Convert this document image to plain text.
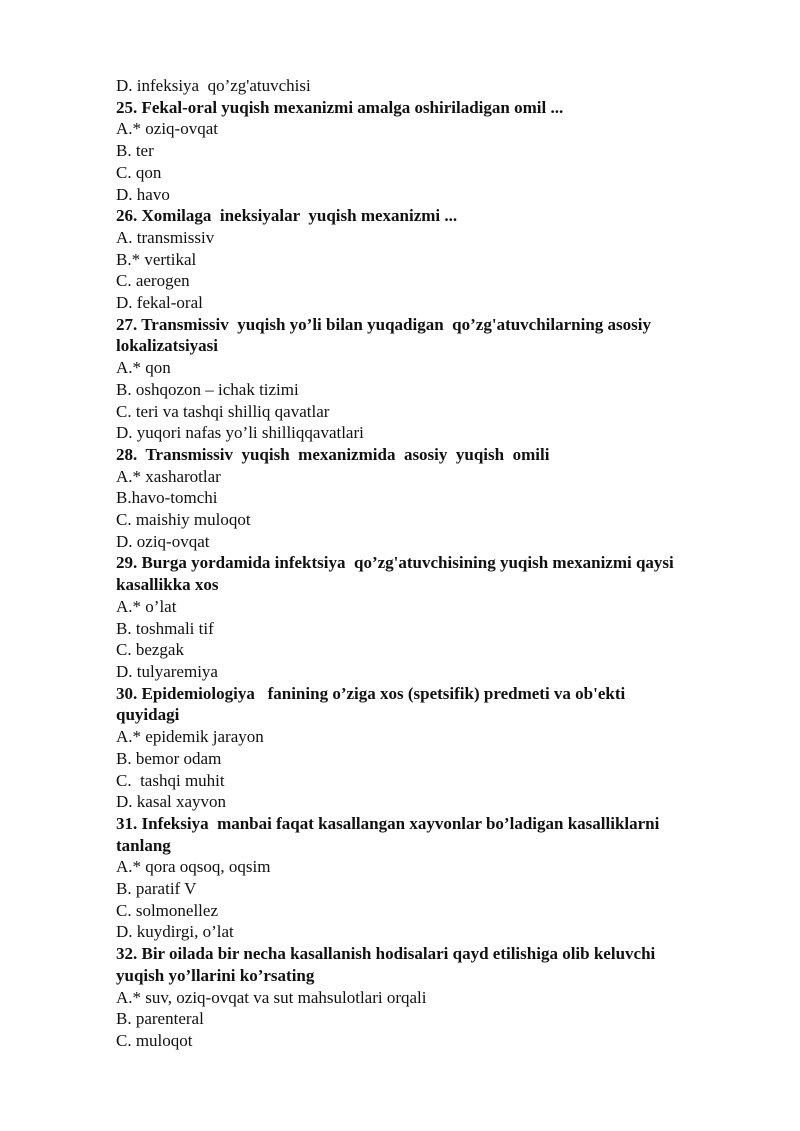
D. infeksiya  qo’zg'atuvchisi

25. Fekal-oral yuqish mexanizmi amalga oshiriladigan omil ...

A.* oziq-ovqat

B. ter

C. qon

D. havo

26. Xomilaga  ineksiyalar  yuqish mexanizmi ...

A. transmissiv

B.* vertikal

C. aerogen

D. fekal-oral

27. Transmissiv  yuqish yo’li bilan yuqadigan  qo’zg'atuvchilarning asosiy

lokalizatsiyasi

A.* qon

B. oshqozon – ichak tizimi

C. teri va tashqi shilliq qavatlar

D. yuqori nafas yo’li shilliqqavatlari

28.  Transmissiv  yuqish  mexanizmida  asosiy  yuqish  omili

A.* xasharotlar

B.havo-tomchi

C. maishiy muloqot

D. oziq-ovqat

29. Burga yordamida infektsiya  qo’zg'atuvchisining yuqish mexanizmi qaysi

kasallikka xos

A.* o’lat

B. toshmali tif

C. bezgak

D. tulyaremiya

30. Epidemiologiya   fanining o’ziga xos (spetsifik) predmeti va ob'ekti

quyidagi

A.* epidemik jarayon

B. bemor odam

C.  tashqi muhit

D. kasal xayvon

31. Infeksiya  manbai faqat kasallangan xayvonlar bo’ladigan kasalliklarni

tanlang

A.* qora oqsoq, oqsim

B. paratif V

C. solmonellez

D. kuydirgi, o’lat

32. Bir oilada bir necha kasallanish hodisalari qayd etilishiga olib keluvchi

yuqish yo’llarini ko’rsating

A.* suv, oziq-ovqat va sut mahsulotlari orqali

B. parenteral

C. muloqot
